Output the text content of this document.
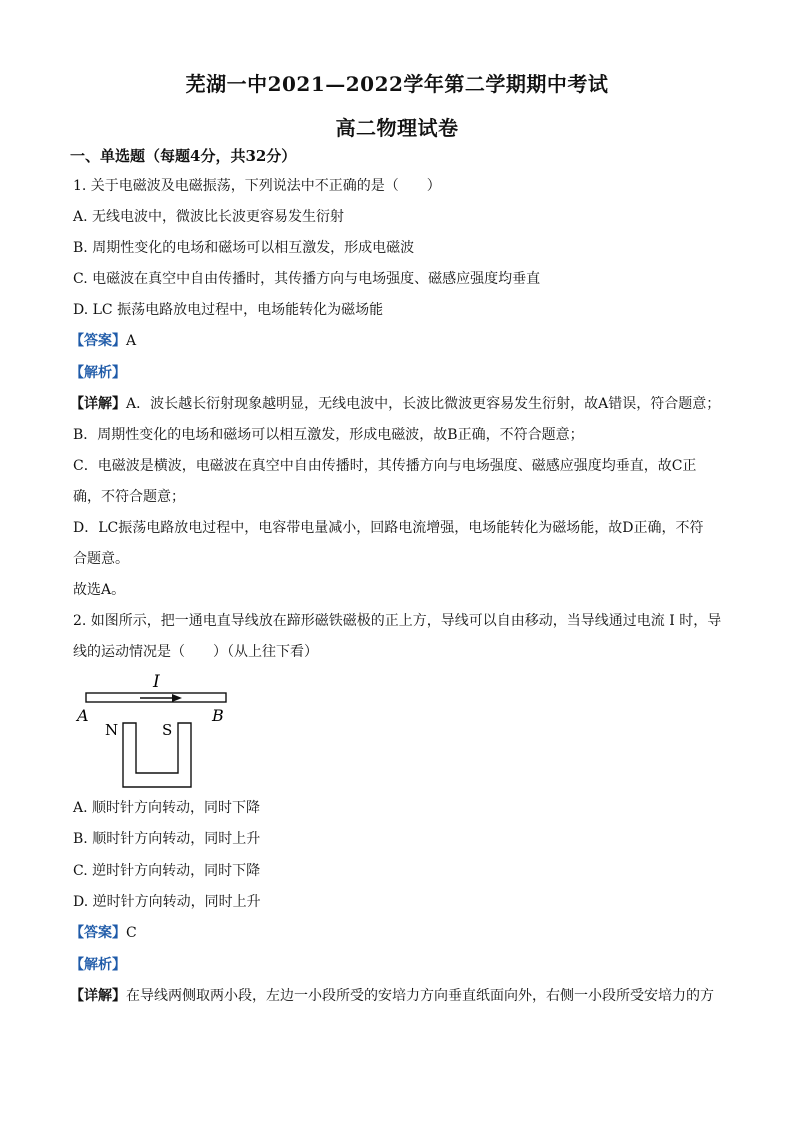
芜湖一中2021—2022学年第二学期期中考试
高二物理试卷
一、单选题（每题4分，共32分）
1. 关于电磁波及电磁振荡，下列说法中不正确的是（　　）
A. 无线电波中，微波比长波更容易发生衍射
B. 周期性变化的电场和磁场可以相互激发，形成电磁波
C. 电磁波在真空中自由传播时，其传播方向与电场强度、磁感应强度均垂直
D. LC 振荡电路放电过程中，电场能转化为磁场能
【答案】A
【解析】
【详解】A．波长越长衍射现象越明显，无线电波中，长波比微波更容易发生衍射，故A错误，符合题意；
B．周期性变化的电场和磁场可以相互激发，形成电磁波，故B正确，不符合题意；
C．电磁波是横波，电磁波在真空中自由传播时，其传播方向与电场强度、磁感应强度均垂直，故C正
确，不符合题意；
D．LC振荡电路放电过程中，电容带电量减小，回路电流增强，电场能转化为磁场能，故D正确，不符
合题意。
故选A。
2. 如图所示，把一通电直导线放在蹄形磁铁磁极的正上方，导线可以自由移动，当导线通过电流 I 时，导
线的运动情况是（　　）（从上往下看）
I
A	B
N	S
A. 顺时针方向转动，同时下降
B. 顺时针方向转动，同时上升
C. 逆时针方向转动，同时下降
D. 逆时针方向转动，同时上升
【答案】C
【解析】
【详解】在导线两侧取两小段，左边一小段所受的安培力方向垂直纸面向外，右侧一小段所受安培力的方
